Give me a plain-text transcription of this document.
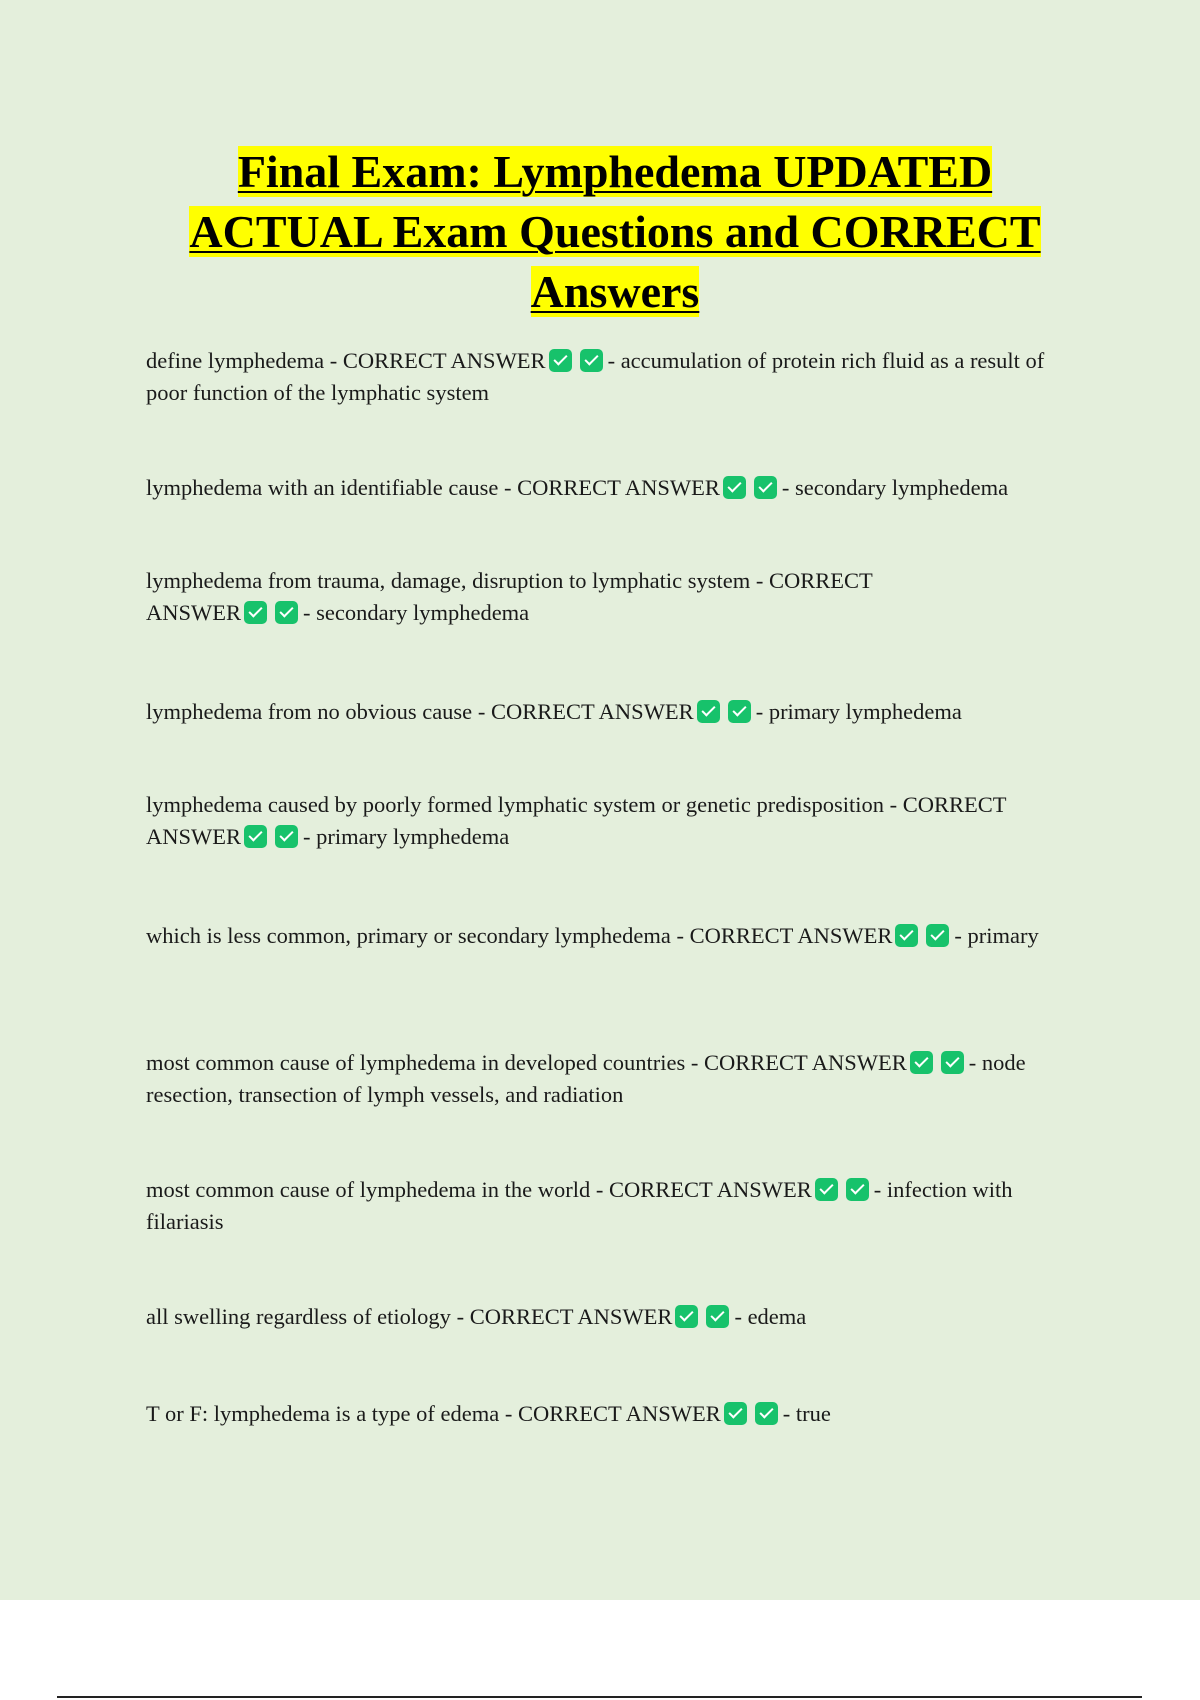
Final Exam: Lymphedema UPDATED ACTUAL Exam Questions and CORRECT Answers
define lymphedema - CORRECT ANSWER	- accumulation of protein rich fluid as a result of poor function of the lymphatic system
lymphedema with an identifiable cause - CORRECT ANSWER	- secondary lymphedema
lymphedema from trauma, damage, disruption to lymphatic system - CORRECT ANSWER	- secondary lymphedema
lymphedema from no obvious cause - CORRECT ANSWER	- primary lymphedema
lymphedema caused by poorly formed lymphatic system or genetic predisposition - CORRECT ANSWER	- primary lymphedema
which is less common, primary or secondary lymphedema - CORRECT ANSWER	- primary
most common cause of lymphedema in developed countries - CORRECT ANSWER	- node resection, transection of lymph vessels, and radiation
most common cause of lymphedema in the world - CORRECT ANSWER	- infection with filariasis
all swelling regardless of etiology - CORRECT ANSWER	- edema
T or F: lymphedema is a type of edema - CORRECT ANSWER	- true
